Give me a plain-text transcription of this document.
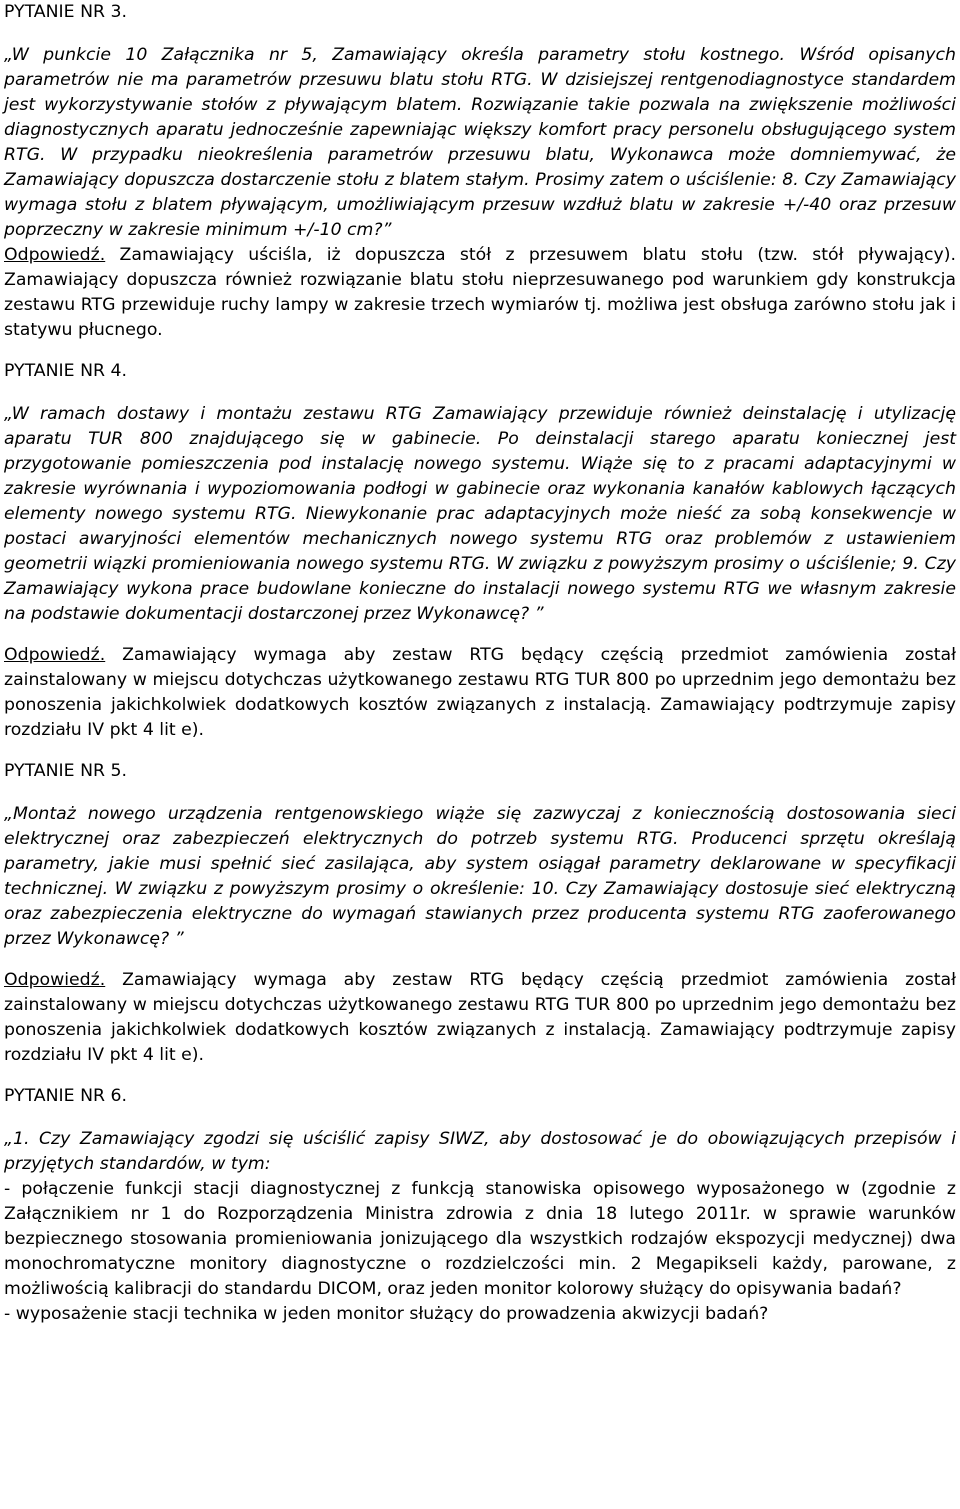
PYTANIE NR 3.

„W punkcie 10 Załącznika nr 5, Zamawiający określa parametry stołu kostnego. Wśród opisanych parametrów nie ma parametrów przesuwu blatu stołu RTG. W dzisiejszej rentgenodiagnostyce standardem jest wykorzystywanie stołów z pływającym blatem. Rozwiązanie takie pozwala na zwiększenie możliwości diagnostycznych aparatu jednocześnie zapewniając większy komfort pracy personelu obsługującego system RTG. W przypadku nieokreślenia parametrów przesuwu blatu, Wykonawca może domniemywać, że Zamawiający dopuszcza dostarczenie stołu z blatem stałym. Prosimy zatem o uściślenie: 8. Czy Zamawiający wymaga stołu z blatem pływającym, umożliwiającym przesuw wzdłuż blatu w zakresie +/-40 oraz przesuw poprzeczny w zakresie minimum +/-10 cm?”

Odpowiedź. Zamawiający uściśla, iż dopuszcza stół z przesuwem blatu stołu (tzw. stół pływający). Zamawiający dopuszcza również rozwiązanie blatu stołu nieprzesuwanego pod warunkiem gdy konstrukcja zestawu RTG przewiduje ruchy lampy w zakresie trzech wymiarów tj. możliwa jest obsługa zarówno stołu jak i statywu płucnego.

PYTANIE NR 4.

„W ramach dostawy i montażu zestawu RTG Zamawiający przewiduje również deinstalację i utylizację aparatu TUR 800 znajdującego się w gabinecie. Po deinstalacji starego aparatu koniecznej jest przygotowanie pomieszczenia pod instalację nowego systemu. Wiąże się to z pracami adaptacyjnymi w zakresie wyrównania i wypoziomowania podłogi w gabinecie oraz wykonania kanałów kablowych łączących elementy nowego systemu RTG. Niewykonanie prac adaptacyjnych może nieść za sobą konsekwencje w postaci awaryjności elementów mechanicznych nowego systemu RTG oraz problemów z ustawieniem geometrii wiązki promieniowania nowego systemu RTG. W związku z powyższym prosimy o uściślenie; 9. Czy Zamawiający wykona prace budowlane konieczne do instalacji nowego systemu RTG we własnym zakresie na podstawie dokumentacji dostarczonej przez Wykonawcę? ”

Odpowiedź. Zamawiający wymaga aby zestaw RTG będący częścią przedmiot zamówienia został zainstalowany w miejscu dotychczas użytkowanego zestawu RTG TUR 800 po uprzednim jego demontażu bez ponoszenia jakichkolwiek dodatkowych kosztów związanych z instalacją. Zamawiający podtrzymuje zapisy rozdziału IV pkt 4 lit e).

PYTANIE NR 5.

„Montaż nowego urządzenia rentgenowskiego wiąże się zazwyczaj z koniecznością dostosowania sieci elektrycznej oraz zabezpieczeń elektrycznych do potrzeb systemu RTG. Producenci sprzętu określają parametry, jakie musi spełnić sieć zasilająca, aby system osiągał parametry deklarowane w specyfikacji technicznej. W związku z powyższym prosimy o określenie: 10. Czy Zamawiający dostosuje sieć elektryczną oraz zabezpieczenia elektryczne do wymagań stawianych przez producenta systemu RTG zaoferowanego przez Wykonawcę? ”

Odpowiedź. Zamawiający wymaga aby zestaw RTG będący częścią przedmiot zamówienia został zainstalowany w miejscu dotychczas użytkowanego zestawu RTG TUR 800 po uprzednim jego demontażu bez ponoszenia jakichkolwiek dodatkowych kosztów związanych z instalacją. Zamawiający podtrzymuje zapisy rozdziału IV pkt 4 lit e).

PYTANIE NR 6.

„1. Czy Zamawiający zgodzi się uściślić zapisy SIWZ, aby dostosować je do obowiązujących przepisów i przyjętych standardów, w tym:

- połączenie funkcji stacji diagnostycznej z funkcją stanowiska opisowego wyposażonego w (zgodnie z Załącznikiem nr 1 do Rozporządzenia Ministra zdrowia z dnia 18 lutego 2011r. w sprawie warunków bezpiecznego stosowania promieniowania jonizującego dla wszystkich rodzajów ekspozycji medycznej) dwa monochromatyczne monitory diagnostyczne o rozdzielczości min. 2 Megapikseli każdy, parowane, z możliwością kalibracji do standardu DICOM, oraz jeden monitor kolorowy służący do opisywania badań?

- wyposażenie stacji technika w jeden monitor służący do prowadzenia akwizycji badań?
